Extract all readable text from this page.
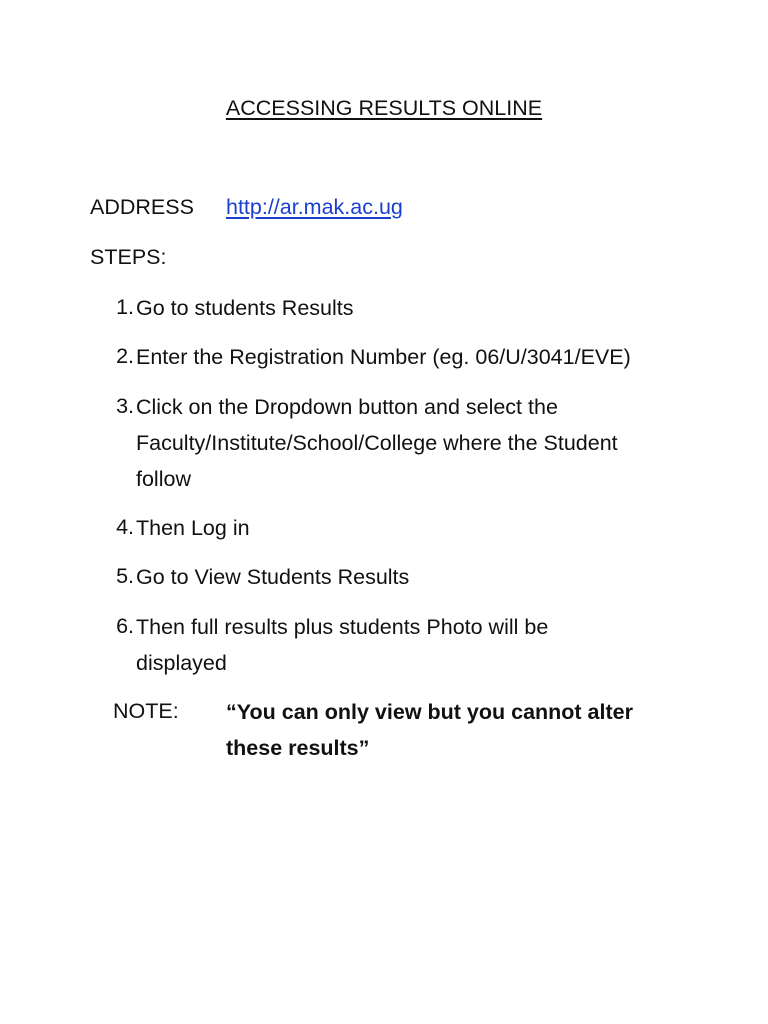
ACCESSING RESULTS ONLINE
ADDRESS http://ar.mak.ac.ug
STEPS:
1. Go to students Results
2. Enter the Registration Number (eg. 06/U/3041/EVE)
3. Click on the Dropdown button and select the
Faculty/Institute/School/College where the Student
follow
4. Then Log in
5. Go to View Students Results
6. Then full results plus students Photo will be
displayed
NOTE: “You can only view but you cannot alter
these results”
